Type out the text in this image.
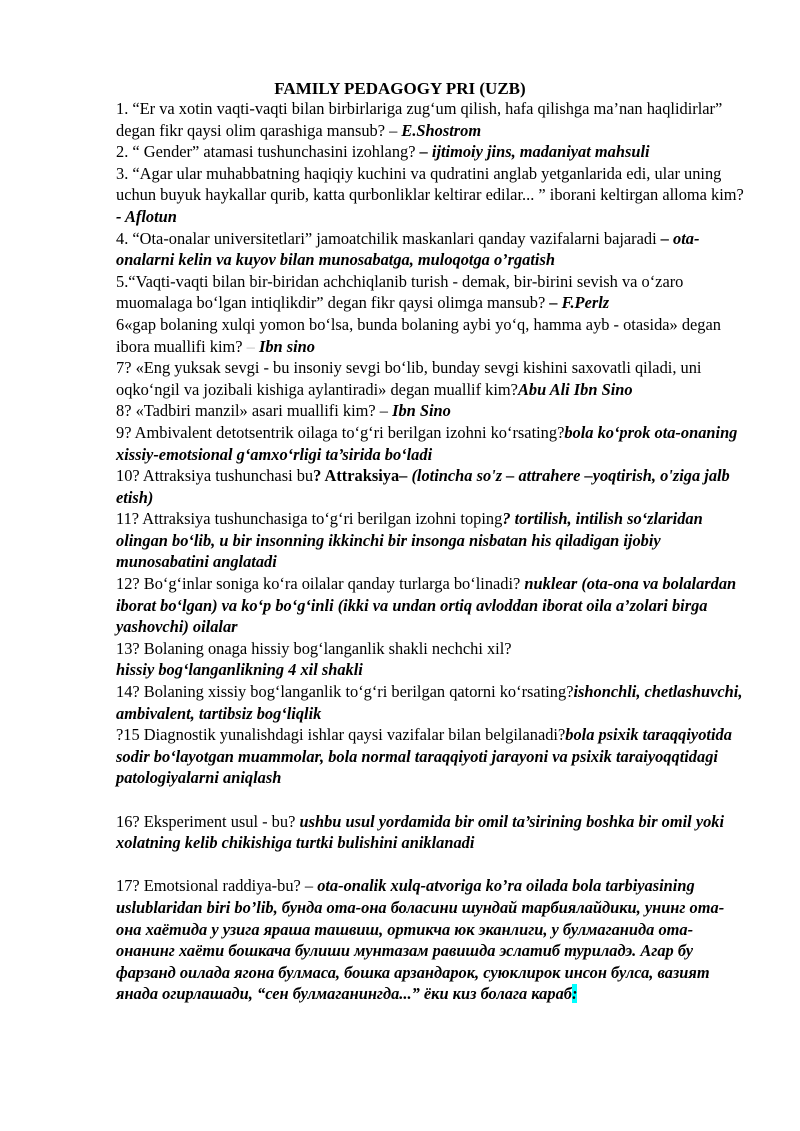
FAMILY PEDAGOGY PRI (UZB)

1. “Er va xotin vaqti-vaqti bilan birbirlariga zug‘um qilish, hafa qilishga ma’nan haqlidirlar” degan fikr qaysi olim qarashiga mansub? – E.Shostrom

2. “ Gender” atamasi tushunchasini izohlang? – ijtimoiy jins, madaniyat mahsuli

3. “Agar ular muhabbatning haqiqiy kuchini va qudratini anglab yetganlarida edi, ular uning uchun buyuk haykallar qurib, katta qurbonliklar keltirar edilar... ” iborani keltirgan alloma kim? - Aflotun

4. “Ota-onalar universitetlari” jamoatchilik maskanlari qanday vazifalarni bajaradi – ota-onalarni kelin va kuyov bilan munosabatga, muloqotga o’rgatish

5.“Vaqti-vaqti bilan bir-biridan achchiqlanib turish - demak, bir-birini sevish va o‘zaro muomalaga bo‘lgan intiqlikdir” degan fikr qaysi olimga mansub? – F.Perlz

6«gap bolaning xulqi yomon bo‘lsa, bunda bolaning aybi yo‘q, hamma ayb - otasida» degan ibora muallifi kim? – Ibn sino

7? «Eng yuksak sevgi - bu insoniy sevgi bo‘lib, bunday sevgi kishini saxovatli qiladi, uni oqko‘ngil va jozibali kishiga aylantiradi» degan muallif kim?Abu Ali Ibn Sino

8? «Tadbiri manzil» asari muallifi kim? – Ibn Sino

9? Ambivalent detotsentrik oilaga to‘g‘ri berilgan izohni ko‘rsating?bola ko‘prok ota-onaning xissiy-emotsional g‘amxo‘rligi ta’sirida bo‘ladi

10? Attraksiya tushunchasi bu? Attraksiya– (lotincha so'z – attrahere –yoqtirish, o'ziga jalb etish)

11? Attraksiya tushunchasiga to‘g‘ri berilgan izohni toping? tortilish, intilish so‘zlaridan olingan bo‘lib, u bir insonning ikkinchi bir insonga nisbatan his qiladigan ijobiy munosabatini anglatadi

12? Bo‘g‘inlar soniga ko‘ra oilalar qanday turlarga bo‘linadi? nuklear (ota-ona va bolalardan iborat bo‘lgan) va ko‘p bo‘g‘inli (ikki va undan ortiq avloddan iborat oila a’zolari birga yashovchi) oilalar

13? Bolaning onaga hissiy bog‘langanlik shakli nechchi xil?
hissiy bog‘langanlikning 4 xil shakli

14? Bolaning xissiy bog‘langanlik to‘g‘ri berilgan qatorni ko‘rsating?ishonchli, chetlashuvchi, ambivalent, tartibsiz bog‘liqlik

?15 Diagnostik yunalishdagi ishlar qaysi vazifalar bilan belgilanadi?bola psixik taraqqiyotida sodir bo‘layotgan muammolar, bola normal taraqqiyoti jarayoni va psixik taraiyoqqtidagi patologiyalarni aniqlash

16? Eksperiment usul - bu? ushbu usul yordamida bir omil ta’sirining boshka bir omil yoki xolatning kelib chikishiga turtki bulishini aniklanadi

17? Emotsional raddiya-bu? – ota-onalik xulq-atvoriga ko’ra oilada bola tarbiyasining uslublaridan biri bo’lib, бунда ота-она боласини шундай тарбиялайдики, унинг ота-она хаётида у узига яраша ташвиш, ортикча юк эканлиги, у булмаганида ота-онанинг хаёти бошкача булиши мунтазам равишда эслатиб туриладэ. Агар бу фарзанд оилада ягона булмаса, бошка арзандарок, суюклирок инсон булса, вазият янада огирлашади, “сен булмаганингда...” ёки киз болага караб:
